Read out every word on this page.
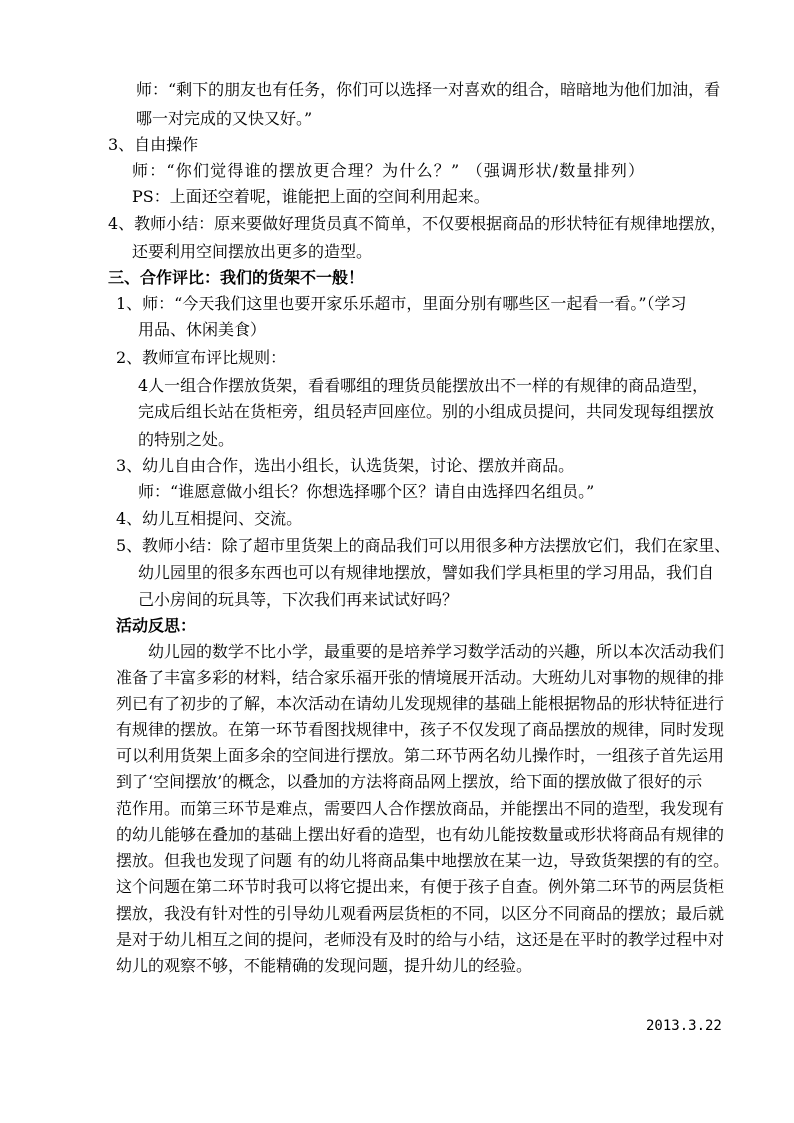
师：“剩下的朋友也有任务，你们可以选择一对喜欢的组合，暗暗地为他们加油，看
哪一对完成的又快又好。”
3、自由操作
师：“你们觉得谁的摆放更合理？为什么？” （强调形状/数量排列）
PS：上面还空着呢，谁能把上面的空间利用起来。
4、教师小结：原来要做好理货员真不简单，不仅要根据商品的形状特征有规律地摆放，
还要利用空间摆放出更多的造型。
三、合作评比：我们的货架不一般！
1、师：“今天我们这里也要开家乐乐超市，里面分别有哪些区一起看一看。”（学习
用品、休闲美食）
2、教师宣布评比规则：
4人一组合作摆放货架，看看哪组的理货员能摆放出不一样的有规律的商品造型，
完成后组长站在货柜旁，组员轻声回座位。别的小组成员提问，共同发现每组摆放
的特别之处。
3、幼儿自由合作，选出小组长，认选货架，讨论、摆放并商品。
师：“谁愿意做小组长？你想选择哪个区？请自由选择四名组员。”
4、幼儿互相提问、交流。
5、教师小结：除了超市里货架上的商品我们可以用很多种方法摆放它们，我们在家里、
幼儿园里的很多东西也可以有规律地摆放，譬如我们学具柜里的学习用品，我们自
己小房间的玩具等，下次我们再来试试好吗？
活动反思：
幼儿园的数学不比小学，最重要的是培养学习数学活动的兴趣，所以本次活动我们
准备了丰富多彩的材料，结合家乐福开张的情境展开活动。大班幼儿对事物的规律的排
列已有了初步的了解，本次活动在请幼儿发现规律的基础上能根据物品的形状特征进行
有规律的摆放。在第一环节看图找规律中，孩子不仅发现了商品摆放的规律，同时发现
可以利用货架上面多余的空间进行摆放。第二环节两名幼儿操作时，一组孩子首先运用
到了‘空间摆放’的概念，以叠加的方法将商品网上摆放，给下面的摆放做了很好的示
范作用。而第三环节是难点，需要四人合作摆放商品，并能摆出不同的造型，我发现有
的幼儿能够在叠加的基础上摆出好看的造型，也有幼儿能按数量或形状将商品有规律的
摆放。但我也发现了问题 有的幼儿将商品集中地摆放在某一边，导致货架摆的有的空。
这个问题在第二环节时我可以将它提出来，有便于孩子自查。例外第二环节的两层货柜
摆放，我没有针对性的引导幼儿观看两层货柜的不同，以区分不同商品的摆放；最后就
是对于幼儿相互之间的提问，老师没有及时的给与小结，这还是在平时的教学过程中对
幼儿的观察不够，不能精确的发现问题，提升幼儿的经验。
2013.3.22
